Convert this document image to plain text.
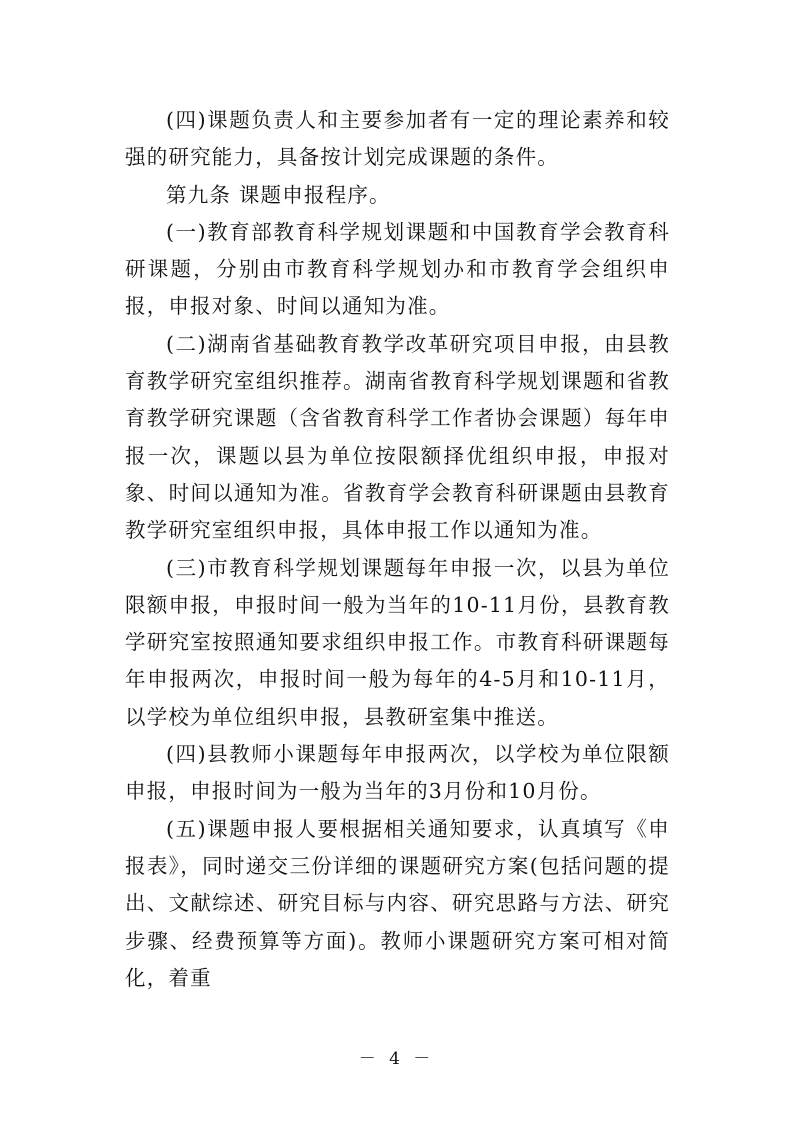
(四)课题负责人和主要参加者有一定的理论素养和较强的研究能力，具备按计划完成课题的条件。

第九条 课题申报程序。

(一)教育部教育科学规划课题和中国教育学会教育科研课题，分别由市教育科学规划办和市教育学会组织申报，申报对象、时间以通知为准。

(二)湖南省基础教育教学改革研究项目申报，由县教育教学研究室组织推荐。湖南省教育科学规划课题和省教育教学研究课题（含省教育科学工作者协会课题）每年申报一次，课题以县为单位按限额择优组织申报，申报对象、时间以通知为准。省教育学会教育科研课题由县教育教学研究室组织申报，具体申报工作以通知为准。

(三)市教育科学规划课题每年申报一次，以县为单位限额申报，申报时间一般为当年的10-11月份，县教育教学研究室按照通知要求组织申报工作。市教育科研课题每年申报两次，申报时间一般为每年的4-5月和10-11月，以学校为单位组织申报，县教研室集中推送。

(四)县教师小课题每年申报两次，以学校为单位限额申报，申报时间为一般为当年的3月份和10月份。

(五)课题申报人要根据相关通知要求，认真填写《申报表》，同时递交三份详细的课题研究方案(包括问题的提出、文献综述、研究目标与内容、研究思路与方法、研究步骤、经费预算等方面)。教师小课题研究方案可相对简化，着重

－ 4 －
